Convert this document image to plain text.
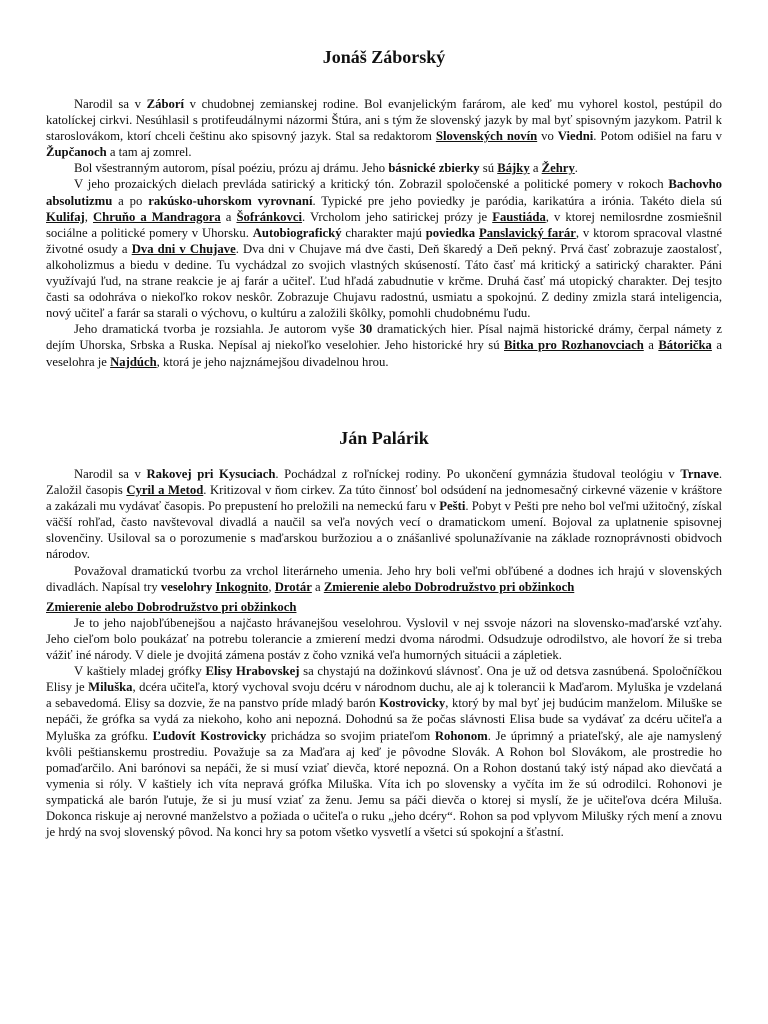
Jonáš Záborský

Narodil sa v Záborí v chudobnej zemianskej rodine. Bol evanjelickým farárom, ale keď mu vyhorel kostol, pestúpil do katolíckej cirkvi. Nesúhlasil s protifeudálnymi názormi Štúra, ani s tým že slovenský jazyk by mal byť spisovným jazykom. Patril k staroslovákom, ktorí chceli češtinu ako spisovný jazyk. Stal sa redaktorom Slovenských novín vo Viedni. Potom odišiel na faru v Župčanoch a tam aj zomrel.

Bol všestranným autorom, písal poéziu, prózu aj drámu. Jeho básnické zbierky sú Bájky a Žehry.

V jeho prozaických dielach prevláda satirický a kritický tón. Zobrazil spoločenské a politické pomery v rokoch Bachovho absolutizmu a po rakúsko-uhorskom vyrovnaní. Typické pre jeho poviedky je paródia, karikatúra a irónia. Takéto diela sú Kulifaj, Chruňo a Mandragora a Šofránkovci. Vrcholom jeho satirickej prózy je Faustiáda, v ktorej nemilosrdne zosmiešnil sociálne a politické pomery v Uhorsku. Autobiografický charakter majú poviedka Panslavický farár, v ktorom spracoval vlastné životné osudy a Dva dni v Chujave. Dva dni v Chujave má dve časti, Deň škaredý a Deň pekný. Prvá časť zobrazuje zaostalosť, alkoholizmus a biedu v dedine. Tu vychádzal zo svojich vlastných skúseností. Táto časť má kritický a satirický charakter. Páni využívajú ľud, na strane reakcie je aj farár a učiteľ. Ľud hľadá zabudnutie v krčme. Druhá časť má utopický charakter. Dej tesjto časti sa odohráva o niekoľko rokov neskôr. Zobrazuje Chujavu radostnú, usmiatu a spokojnú. Z dediny zmizla stará inteligencia, nový učiteľ a farár sa starali o výchovu, o kultúru a založili škôlky, pomohli chudobnému ľudu.

Jeho dramatická tvorba je rozsiahla. Je autorom vyše 30 dramatických hier. Písal najmä historické drámy, čerpal námety z dejím Uhorska, Srbska a Ruska. Nepísal aj niekoľko veselohier. Jeho historické hry sú Bitka pro Rozhanovciach a Bátorička a veselohra je Najdúch, ktorá je jeho najznámejšou divadelnou hrou.

Ján Palárik

Narodil sa v Rakovej pri Kysuciach. Pochádzal z roľníckej rodiny. Po ukončení gymnázia študoval teológiu v Trnave. Založil časopis Cyril a Metod. Kritizoval v ňom cirkev. Za túto činnosť bol odsúdení na jednomesačný cirkevné väzenie v kráštore a zakázali mu vydávať časopis. Po prepustení ho preložili na nemeckú faru v Pešti. Pobyt v Pešti pre neho bol veľmi užitočný, získal väčší rohľad, často navštevoval divadlá a naučil sa veľa nových vecí o dramatickom umení. Bojoval za uplatnenie spisovnej slovenčiny. Usiloval sa o porozumenie s maďarskou buržoziou a o znášanlivé spolunažívanie na základe roznoprávnosti obidvoch národov.

Považoval dramatickú tvorbu za vrchol literárneho umenia. Jeho hry boli veľmi obľúbené a dodnes ich hrajú v slovenských divadlách. Napísal try veselohry Inkognito, Drotár a Zmierenie alebo Dobrodružstvo pri obžinkoch

Zmierenie alebo Dobrodružstvo pri obžinkoch

Je to jeho najobľúbenejšou a najčasto hrávanejšou veselohrou. Vyslovil v nej ssvoje názori na slovensko-maďarské vzťahy. Jeho cieľom bolo poukázať na potrebu tolerancie a zmierení medzi dvoma národmi. Odsudzuje odrodilstvo, ale hovorí že si treba vážiť iné národy. V diele je dvojitá zámena postáv z čoho vzniká veľa humorných situácii a zápletiek.

V kaštiely mladej grófky Elisy Hrabovskej sa chystajú na dožinkovú slávnosť. Ona je už od detsva zasnúbená. Spoločníčkou Elisy je Miluška, dcéra učiteľa, ktorý vychoval svoju dcéru v národnom duchu, ale aj k tolerancii k Maďarom. Myluška je vzdelaná a sebavedomá. Elisy sa dozvie, že na panstvo príde mladý barón Kostrovicky, ktorý by mal byť jej budúcim manželom. Miluške se nepáči, že grófka sa vydá za niekoho, koho ani nepozná. Dohodnú sa že počas slávnosti Elisa bude sa vydávať za dcéru učiteľa a Myluška za grófku. Ľudovít Kostrovicky prichádza so svojim priateľom Rohonom. Je úprimný a priateľský, ale aje namyslený kvôli peštianskemu prostrediu. Považuje sa za Maďara aj keď je pôvodne Slovák. A Rohon bol Slovákom, ale prostredie ho pomaďarčilo. Ani barónovi sa nepáči, že si musí vziať dievča, ktoré nepozná. On a Rohon dostanú taký istý nápad ako dievčatá a vymenia si róly. V kaštiely ich víta nepravá grófka Miluška. Víta ich po slovensky a vyčíta im že sú odrodilci. Rohonovi je sympatická ale barón ľutuje, že si ju musí vziať za ženu. Jemu sa páči dievča o ktorej si myslí, že je učiteľova dcéra Miluša. Dokonca riskuje aj nerovné manželstvo a požiada o učiteľa o ruku „jeho dcéry“. Rohon sa pod vplyvom Milušky rých mení a znovu je hrdý na svoj slovenský pôvod. Na konci hry sa potom všetko vysvetlí a všetci sú spokojní a šťastní.
